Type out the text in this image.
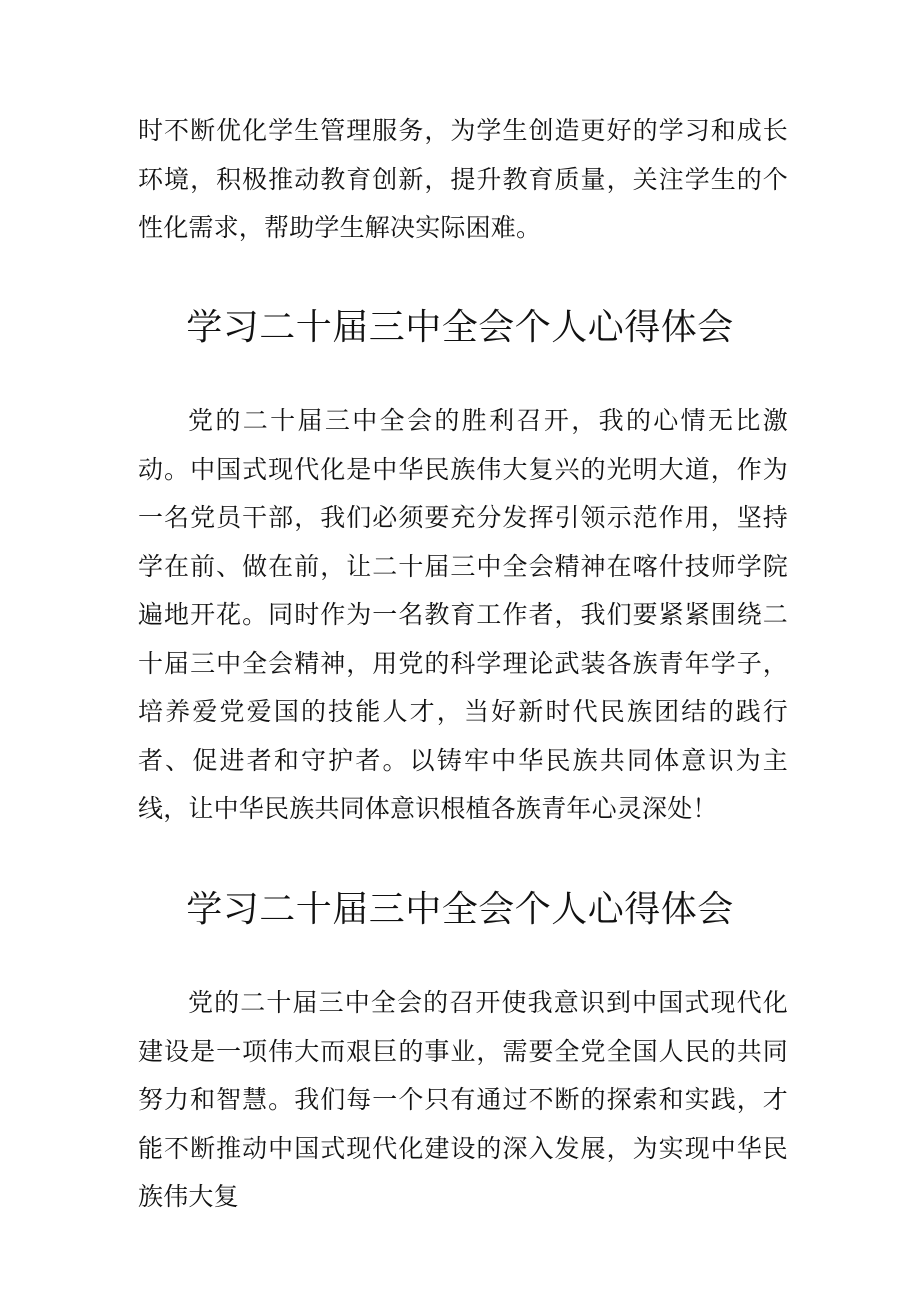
时不断优化学生管理服务，为学生创造更好的学习和成长环境，积极推动教育创新，提升教育质量，关注学生的个性化需求，帮助学生解决实际困难。

学习二十届三中全会个人心得体会

党的二十届三中全会的胜利召开，我的心情无比激动。中国式现代化是中华民族伟大复兴的光明大道，作为一名党员干部，我们必须要充分发挥引领示范作用，坚持学在前、做在前，让二十届三中全会精神在喀什技师学院遍地开花。同时作为一名教育工作者，我们要紧紧围绕二十届三中全会精神，用党的科学理论武装各族青年学子，培养爱党爱国的技能人才，当好新时代民族团结的践行者、促进者和守护者。以铸牢中华民族共同体意识为主线，让中华民族共同体意识根植各族青年心灵深处！

学习二十届三中全会个人心得体会

党的二十届三中全会的召开使我意识到中国式现代化建设是一项伟大而艰巨的事业，需要全党全国人民的共同努力和智慧。我们每一个只有通过不断的探索和实践，才能不断推动中国式现代化建设的深入发展，为实现中华民族伟大复
